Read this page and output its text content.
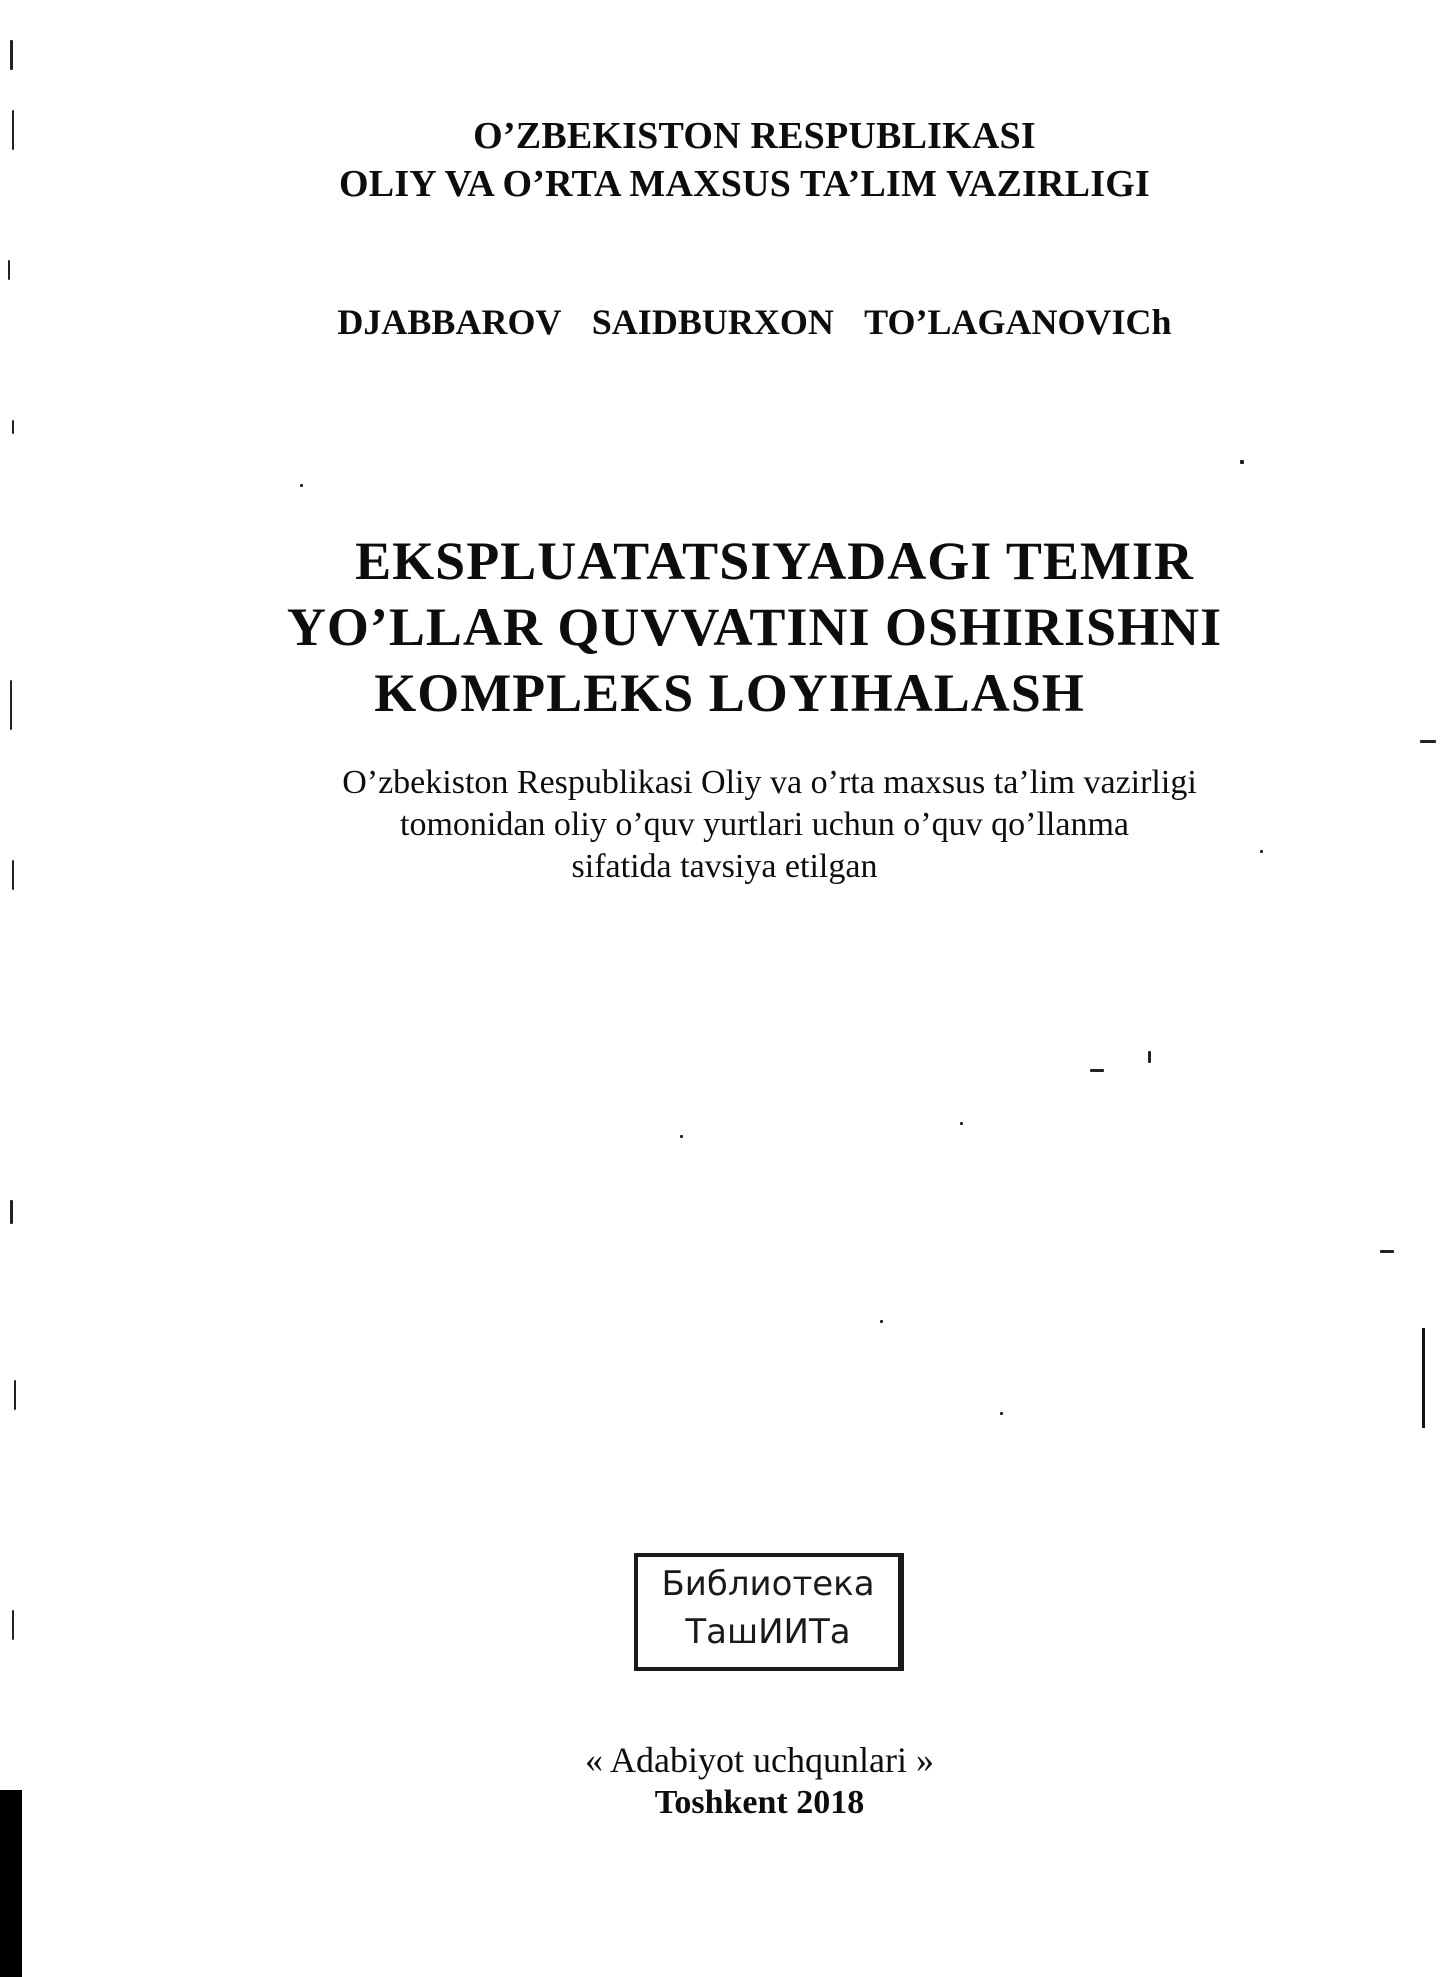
O’ZBEKISTON RESPUBLIKASI
OLIY VA O’RTA MAXSUS TA’LIM VAZIRLIGI
DJABBAROV SAIDBURXON TO’LAGANOVICh
EKSPLUATATSIYADAGI TEMIR
YO’LLAR QUVVATINI OSHIRISHNI
KOMPLEKS LOYIHALASH
O’zbekiston Respublikasi Oliy va o’rta maxsus ta’lim vazirligi
tomonidan oliy o’quv yurtlari uchun o’quv qo’llanma
sifatida tavsiya etilgan
Библиотека
ТашИИТа
« Adabiyot uchqunlari »
Toshkent 2018
